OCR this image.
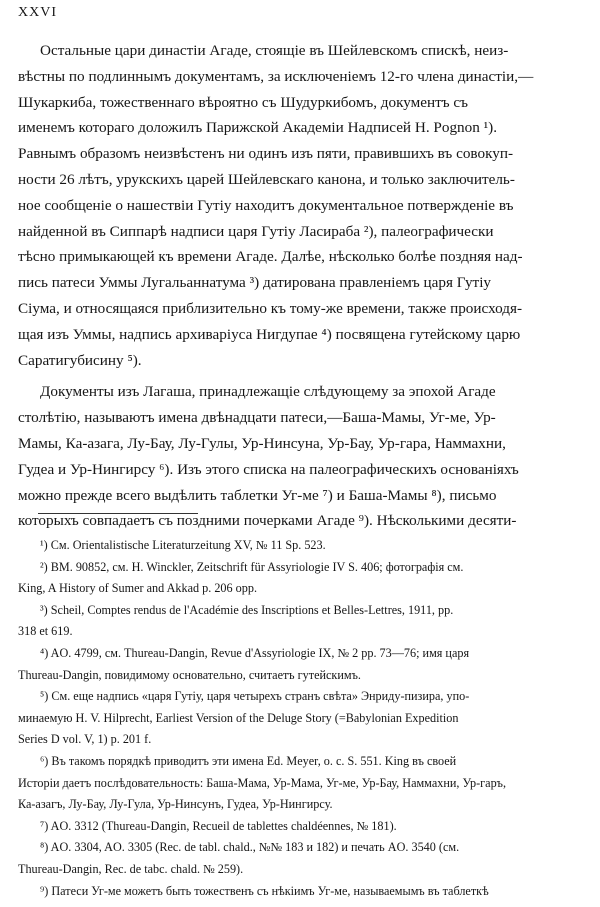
XXVI
Остальные цари династіи Агаде, стоящіе въ Шейлевскомъ спискѣ, неиз-
вѣстны по подлиннымъ документамъ, за исключеніемъ 12-го члена династіи,—
Шукаркиба, тожественнаго вѣроятно съ Шудуркибомъ, документъ съ
именемъ котораго доложилъ Парижской Академіи Надписей Н. Pognon ¹).
Равнымъ образомъ неизвѣстенъ ни одинъ изъ пяти, правившихъ въ совокуп-
ности 26 лѣтъ, урукскихъ царей Шейлевскаго канона, и только заключитель-
ное сообщеніе о нашествіи Гутіу находитъ документальное потвержденіе въ
найденной въ Сиппарѣ надписи царя Гутіу Ласираба ²), палеографически
тѣсно примыкающей къ времени Агаде. Далѣе, нѣсколько болѣе поздняя над-
пись патеси Уммы Лугальаннатума ³) датирована правленіемъ царя Гутіу
Сіума, и относящаяся приблизительно къ тому-же времени, также происходя-
щая изъ Уммы, надпись архиваріуса Нигдупае ⁴) посвящена гутейскому царю
Саратигубисину ⁵).
Документы изъ Лагаша, принадлежащіе слѣдующему за эпохой Агаде
столѣтію, называютъ имена двѣнадцати патеси,—Баша-Мамы, Уг-ме, Ур-
Мамы, Ка-азага, Лу-Бау, Лу-Гулы, Ур-Нинсуна, Ур-Бау, Ур-гара, Наммахни,
Гудеа и Ур-Нингирсу ⁶). Изъ этого списка на палеографическихъ основаніяхъ
можно прежде всего выдѣлить таблетки Уг-ме ⁷) и Баша-Мамы ⁸), письмо
которыхъ совпадаетъ съ поздними почерками Агаде ⁹). Нѣсколькими десяти-
¹) См. Orientalistische Literaturzeitung XV, № 11 Sp. 523.
²) BM. 90852, см. H. Winckler, Zeitschrift für Assyriologie IV S. 406; фотографія см.
King, A History of Sumer and Akkad p. 206 opp.
³) Scheil, Comptes rendus de l'Académie des Inscriptions et Belles-Lettres, 1911, pp.
318 et 619.
⁴) AO. 4799, см. Thureau-Dangin, Revue d'Assyriologie IX, № 2 pp. 73—76; имя царя
Thureau-Dangin, повидимому основательно, считаетъ гутейскимъ.
⁵) См. еще надпись «царя Гутіу, царя четырехъ странъ свѣта» Энриду-пизира, упо-
минаемую H. V. Hilprecht, Earliest Version of the Deluge Story (=Babylonian Expedition
Series D vol. V, 1) p. 201 f.
⁶) Въ такомъ порядкѣ приводитъ эти имена Ed. Meyer, o. c. S. 551. King въ своей
Исторіи даетъ послѣдовательность: Баша-Мама, Ур-Мама, Уг-ме, Ур-Бау, Наммахни, Ур-гаръ,
Ка-азагъ, Лу-Бау, Лу-Гула, Ур-Нинсунъ, Гудеа, Ур-Нингирсу.
⁷) AO. 3312 (Thureau-Dangin, Recueil de tablettes chaldéennes, № 181).
⁸) AO. 3304, AO. 3305 (Rec. de tabl. chald., №№ 183 и 182) и печать AO. 3540 (см.
Thureau-Dangin, Rec. de tabc. chald. № 259).
⁹) Патеси Уг-ме можетъ быть тожественъ съ нѣкіимъ Уг-ме, называемымъ въ таблеткѣ
